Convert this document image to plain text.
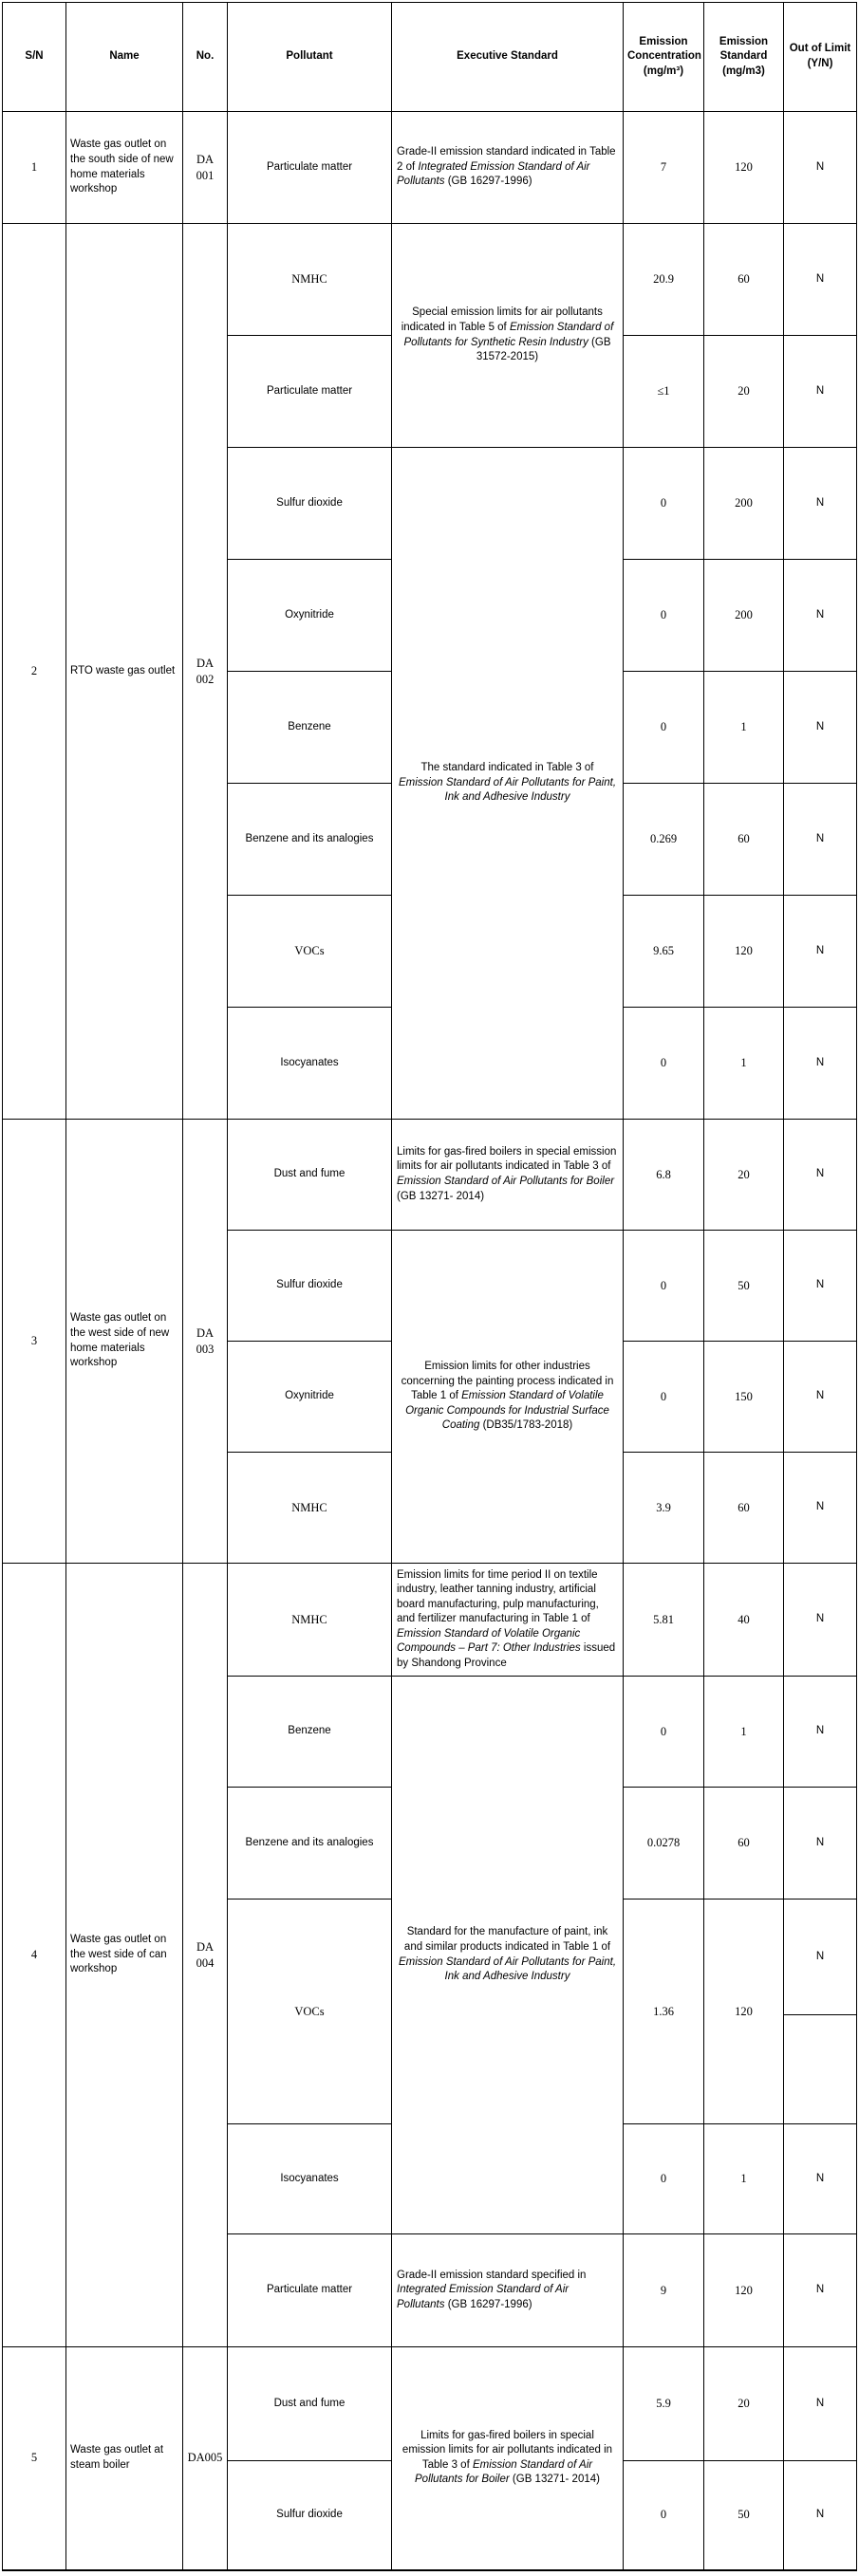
S/N	Name	No.	Pollutant	Executive Standard	Emission Concentration (mg/m³)	Emission Standard (mg/m3)	Out of Limit (Y/N)
1	Waste gas outlet on the south side of new home materials workshop	DA 001	Particulate matter	Grade-II emission standard indicated in Table 2 of Integrated Emission Standard of Air Pollutants (GB 16297-1996)	7	120	N
2	RTO waste gas outlet	DA 002	NMHC	Special emission limits for air pollutants indicated in Table 5 of Emission Standard of Pollutants for Synthetic Resin Industry (GB 31572-2015)	20.9	60	N
			Particulate matter		≤1	20	N
			Sulfur dioxide	The standard indicated in Table 3 of Emission Standard of Air Pollutants for Paint, Ink and Adhesive Industry	0	200	N
			Oxynitride		0	200	N
			Benzene		0	1	N
			Benzene and its analogies		0.269	60	N
			VOCs		9.65	120	N
			Isocyanates		0	1	N
3	Waste gas outlet on the west side of new home materials workshop	DA 003	Dust and fume	Limits for gas-fired boilers in special emission limits for air pollutants indicated in Table 3 of Emission Standard of Air Pollutants for Boiler (GB 13271- 2014)	6.8	20	N
			Sulfur dioxide	Emission limits for other industries concerning the painting process indicated in Table 1 of Emission Standard of Volatile Organic Compounds for Industrial Surface Coating (DB35/1783-2018)	0	50	N
			Oxynitride		0	150	N
			NMHC		3.9	60	N
4	Waste gas outlet on the west side of can workshop	DA 004	NMHC	Emission limits for time period II on textile industry, leather tanning industry, artificial board manufacturing, pulp manufacturing, and fertilizer manufacturing in Table 1 of Emission Standard of Volatile Organic Compounds – Part 7: Other Industries issued by Shandong Province	5.81	40	N
			Benzene	Standard for the manufacture of paint, ink and similar products indicated in Table 1 of Emission Standard of Air Pollutants for Paint, Ink and Adhesive Industry	0	1	N
			Benzene and its analogies		0.0278	60	N
			VOCs		1.36	120	N

			Isocyanates		0	1	N
			Particulate matter	Grade-II emission standard specified in Integrated Emission Standard of Air Pollutants (GB 16297-1996)	9	120	N
5	Waste gas outlet at steam boiler	DA005	Dust and fume	Limits for gas-fired boilers in special emission limits for air pollutants indicated in Table 3 of Emission Standard of Air Pollutants for Boiler (GB 13271- 2014)	5.9	20	N
			Sulfur dioxide		0	50	N
